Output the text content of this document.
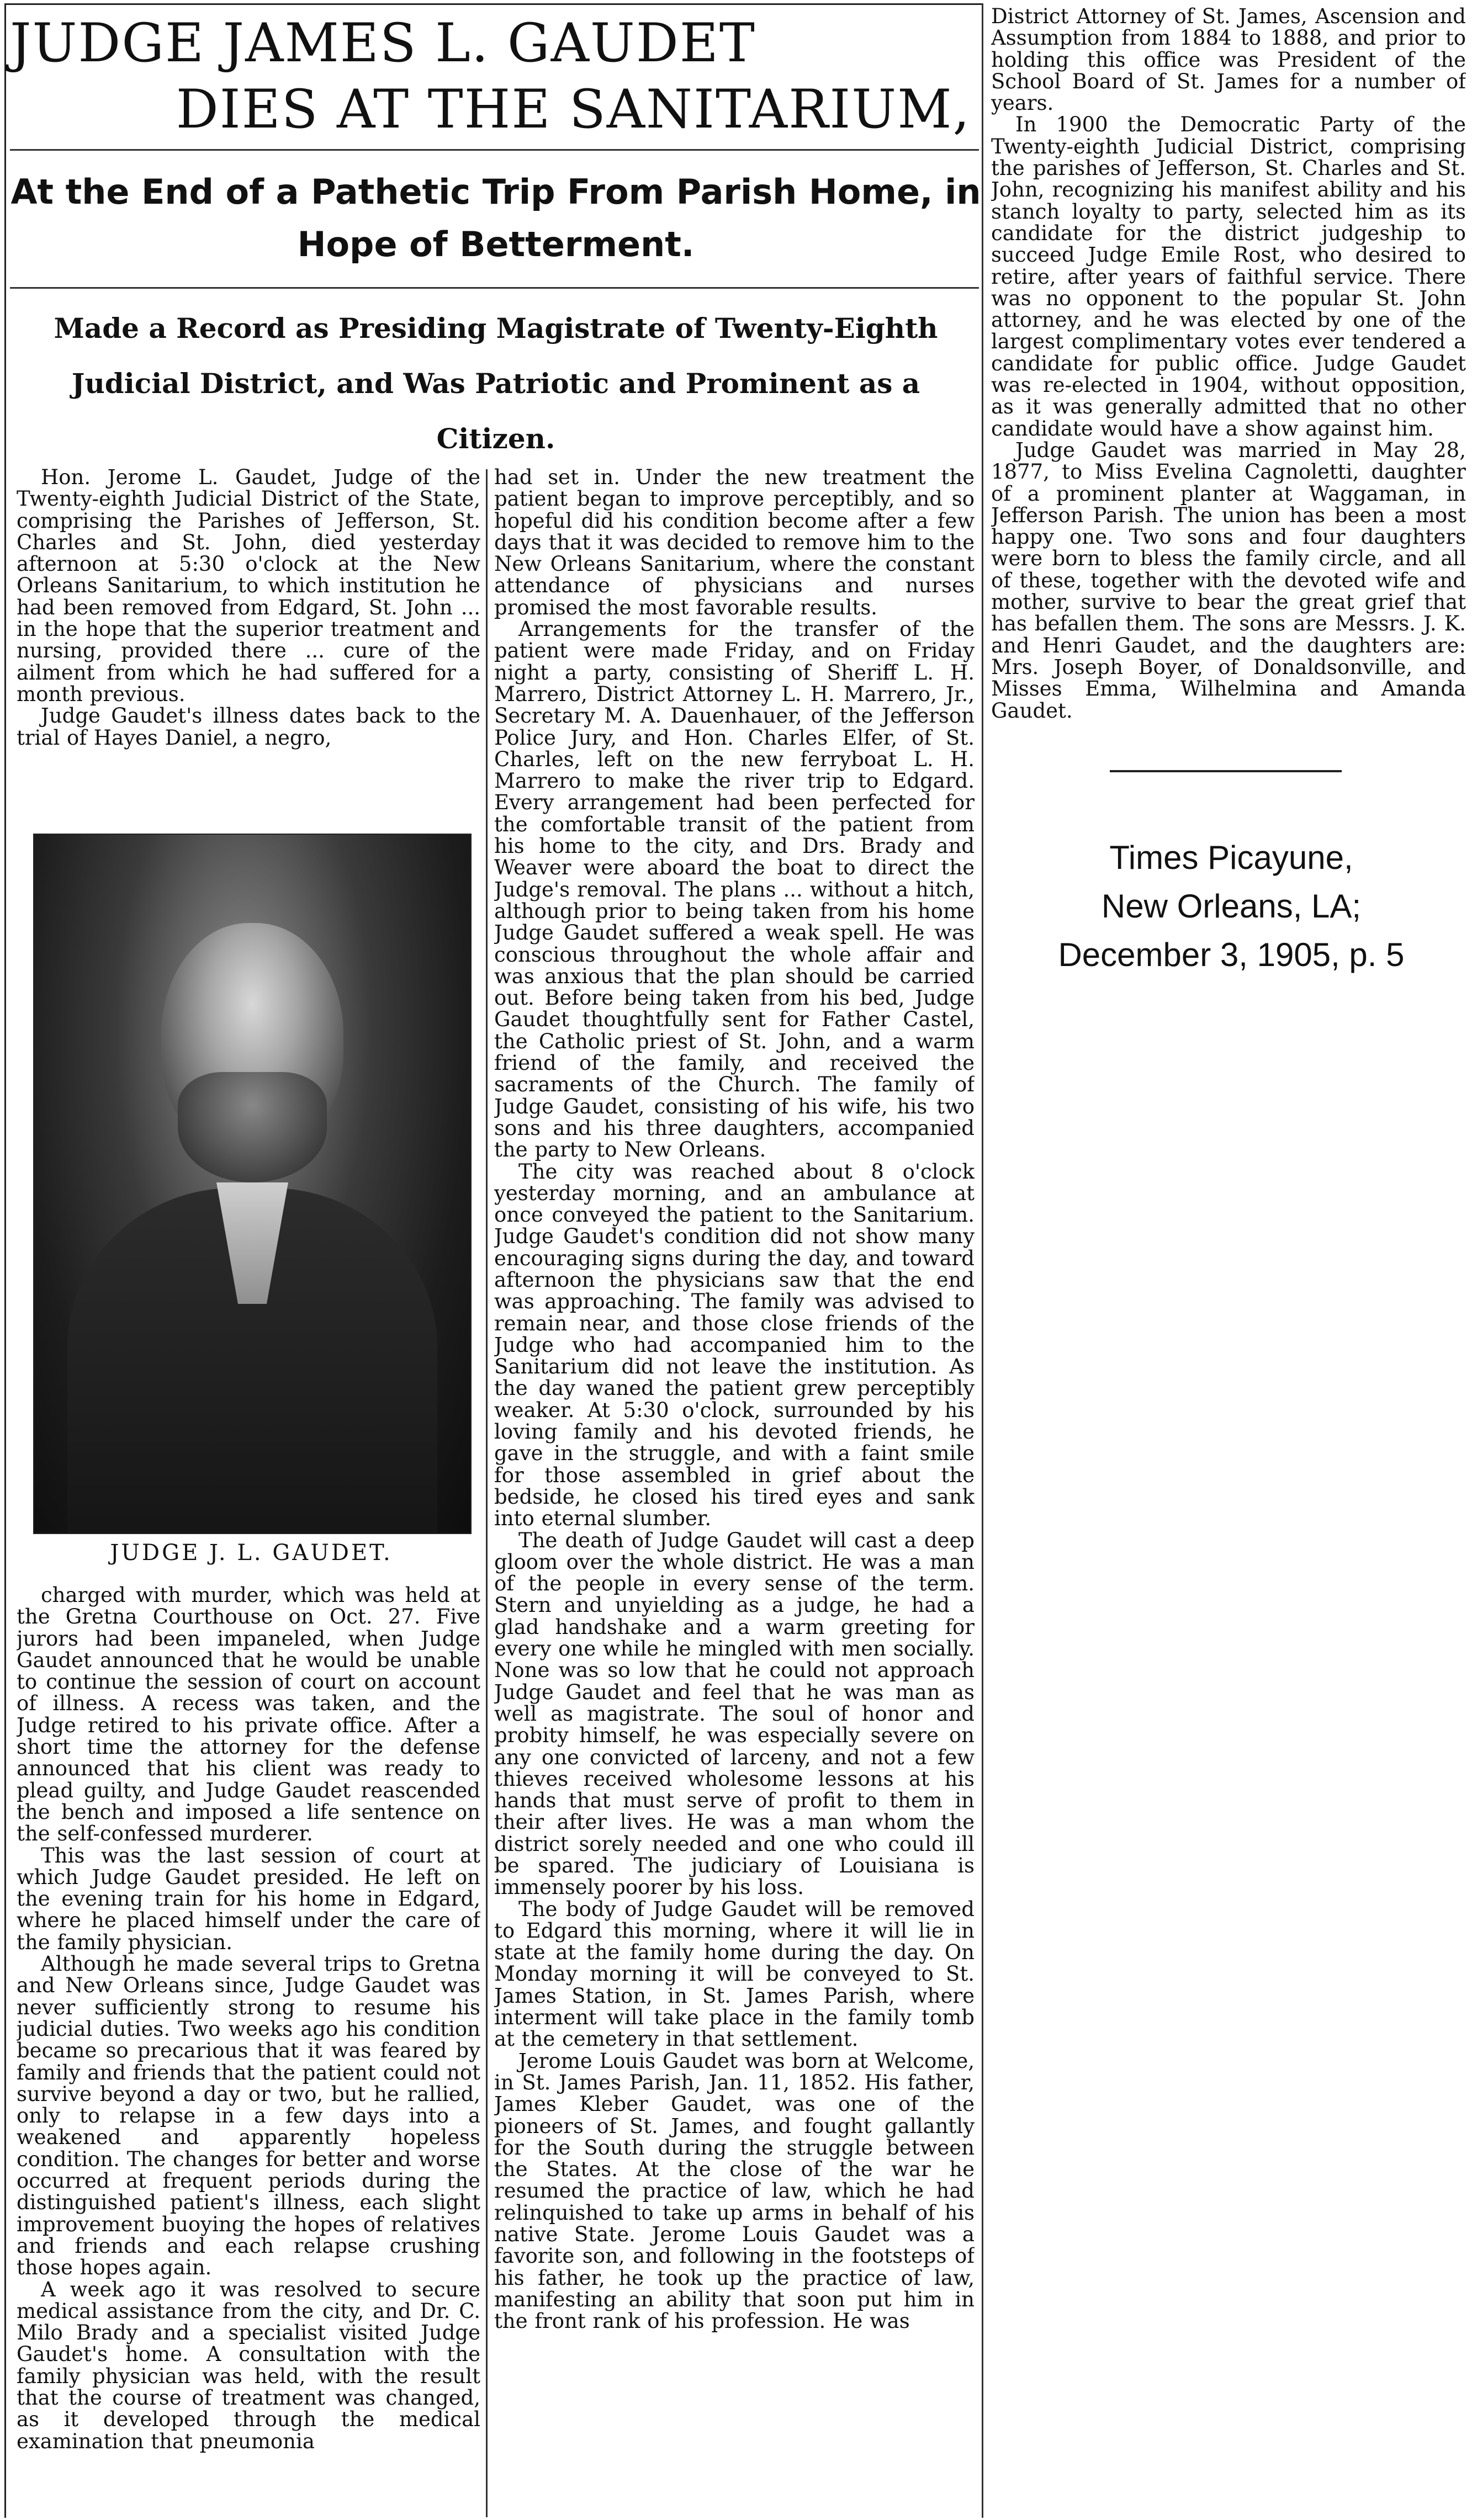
JUDGE JAMES L. GAUDET
DIES AT THE SANITARIUM,
At the End of a Pathetic Trip From Parish Home, in Hope of Betterment.
Made a Record as Presiding Magistrate of Twenty-Eighth Judicial District, and Was Patriotic and Prominent as a Citizen.

Hon. Jerome L. Gaudet, Judge of the Twenty-eighth Judicial District of the State, comprising the Parishes of Jefferson, St. Charles and St. John, died yesterday afternoon at 5:30 o'clock at the New Orleans Sanitarium, to which institution he had been removed from Edgard, St. John ... in the hope that the superior treatment and nursing, provided there ... cure of the ailment from which he had suffered for a month previous.

Judge Gaudet's illness dates back to the trial of Hayes Daniel, a negro,

JUDGE J. L. GAUDET.

charged with murder, which was held at the Gretna Courthouse on Oct. 27. Five jurors had been impaneled, when Judge Gaudet announced that he would be unable to continue the session of court on account of illness. A recess was taken, and the Judge retired to his private office. After a short time the attorney for the defense announced that his client was ready to plead guilty, and Judge Gaudet reascended the bench and imposed a life sentence on the self-confessed murderer.

This was the last session of court at which Judge Gaudet presided. He left on the evening train for his home in Edgard, where he placed himself under the care of the family physician.

Although he made several trips to Gretna and New Orleans since, Judge Gaudet was never sufficiently strong to resume his judicial duties. Two weeks ago his condition became so precarious that it was feared by family and friends that the patient could not survive beyond a day or two, but he rallied, only to relapse in a few days into a weakened and apparently hopeless condition. The changes for better and worse occurred at frequent periods during the distinguished patient's illness, each slight improvement buoying the hopes of relatives and friends and each relapse crushing those hopes again.

A week ago it was resolved to secure medical assistance from the city, and Dr. C. Milo Brady and a specialist visited Judge Gaudet's home. A consultation with the family physician was held, with the result that the course of treatment was changed, as it developed through the medical examination that pneumonia

had set in. Under the new treatment the patient began to improve perceptibly, and so hopeful did his condition become after a few days that it was decided to remove him to the New Orleans Sanitarium, where the constant attendance of physicians and nurses promised the most favorable results.

Arrangements for the transfer of the patient were made Friday, and on Friday night a party, consisting of Sheriff L. H. Marrero, District Attorney L. H. Marrero, Jr., Secretary M. A. Dauenhauer, of the Jefferson Police Jury, and Hon. Charles Elfer, of St. Charles, left on the new ferryboat L. H. Marrero to make the river trip to Edgard. Every arrangement had been perfected for the comfortable transit of the patient from his home to the city, and Drs. Brady and Weaver were aboard the boat to direct the Judge's removal. The plans ... without a hitch, although prior to being taken from his home Judge Gaudet suffered a weak spell. He was conscious throughout the whole affair and was anxious that the plan should be carried out. Before being taken from his bed, Judge Gaudet thoughtfully sent for Father Castel, the Catholic priest of St. John, and a warm friend of the family, and received the sacraments of the Church. The family of Judge Gaudet, consisting of his wife, his two sons and his three daughters, accompanied the party to New Orleans.

The city was reached about 8 o'clock yesterday morning, and an ambulance at once conveyed the patient to the Sanitarium. Judge Gaudet's condition did not show many encouraging signs during the day, and toward afternoon the physicians saw that the end was approaching. The family was advised to remain near, and those close friends of the Judge who had accompanied him to the Sanitarium did not leave the institution. As the day waned the patient grew perceptibly weaker. At 5:30 o'clock, surrounded by his loving family and his devoted friends, he gave in the struggle, and with a faint smile for those assembled in grief about the bedside, he closed his tired eyes and sank into eternal slumber.

The death of Judge Gaudet will cast a deep gloom over the whole district. He was a man of the people in every sense of the term. Stern and unyielding as a judge, he had a glad handshake and a warm greeting for every one while he mingled with men socially. None was so low that he could not approach Judge Gaudet and feel that he was man as well as magistrate. The soul of honor and probity himself, he was especially severe on any one convicted of larceny, and not a few thieves received wholesome lessons at his hands that must serve of profit to them in their after lives. He was a man whom the district sorely needed and one who could ill be spared. The judiciary of Louisiana is immensely poorer by his loss.

The body of Judge Gaudet will be removed to Edgard this morning, where it will lie in state at the family home during the day. On Monday morning it will be conveyed to St. James Station, in St. James Parish, where interment will take place in the family tomb at the cemetery in that settlement.

Jerome Louis Gaudet was born at Welcome, in St. James Parish, Jan. 11, 1852. His father, James Kleber Gaudet, was one of the pioneers of St. James, and fought gallantly for the South during the struggle between the States. At the close of the war he resumed the practice of law, which he had relinquished to take up arms in behalf of his native State. Jerome Louis Gaudet was a favorite son, and following in the footsteps of his father, he took up the practice of law, manifesting an ability that soon put him in the front rank of his profession. He was

District Attorney of St. James, Ascension and Assumption from 1884 to 1888, and prior to holding this office was President of the School Board of St. James for a number of years.

In 1900 the Democratic Party of the Twenty-eighth Judicial District, comprising the parishes of Jefferson, St. Charles and St. John, recognizing his manifest ability and his stanch loyalty to party, selected him as its candidate for the district judgeship to succeed Judge Emile Rost, who desired to retire, after years of faithful service. There was no opponent to the popular St. John attorney, and he was elected by one of the largest complimentary votes ever tendered a candidate for public office. Judge Gaudet was re-elected in 1904, without opposition, as it was generally admitted that no other candidate would have a show against him.

Judge Gaudet was married in May 28, 1877, to Miss Evelina Cagnoletti, daughter of a prominent planter at Waggaman, in Jefferson Parish. The union has been a most happy one. Two sons and four daughters were born to bless the family circle, and all of these, together with the devoted wife and mother, survive to bear the great grief that has befallen them. The sons are Messrs. J. K. and Henri Gaudet, and the daughters are: Mrs. Joseph Boyer, of Donaldsonville, and Misses Emma, Wilhelmina and Amanda Gaudet.

Times Picayune,
New Orleans, LA;
December 3, 1905, p. 5
